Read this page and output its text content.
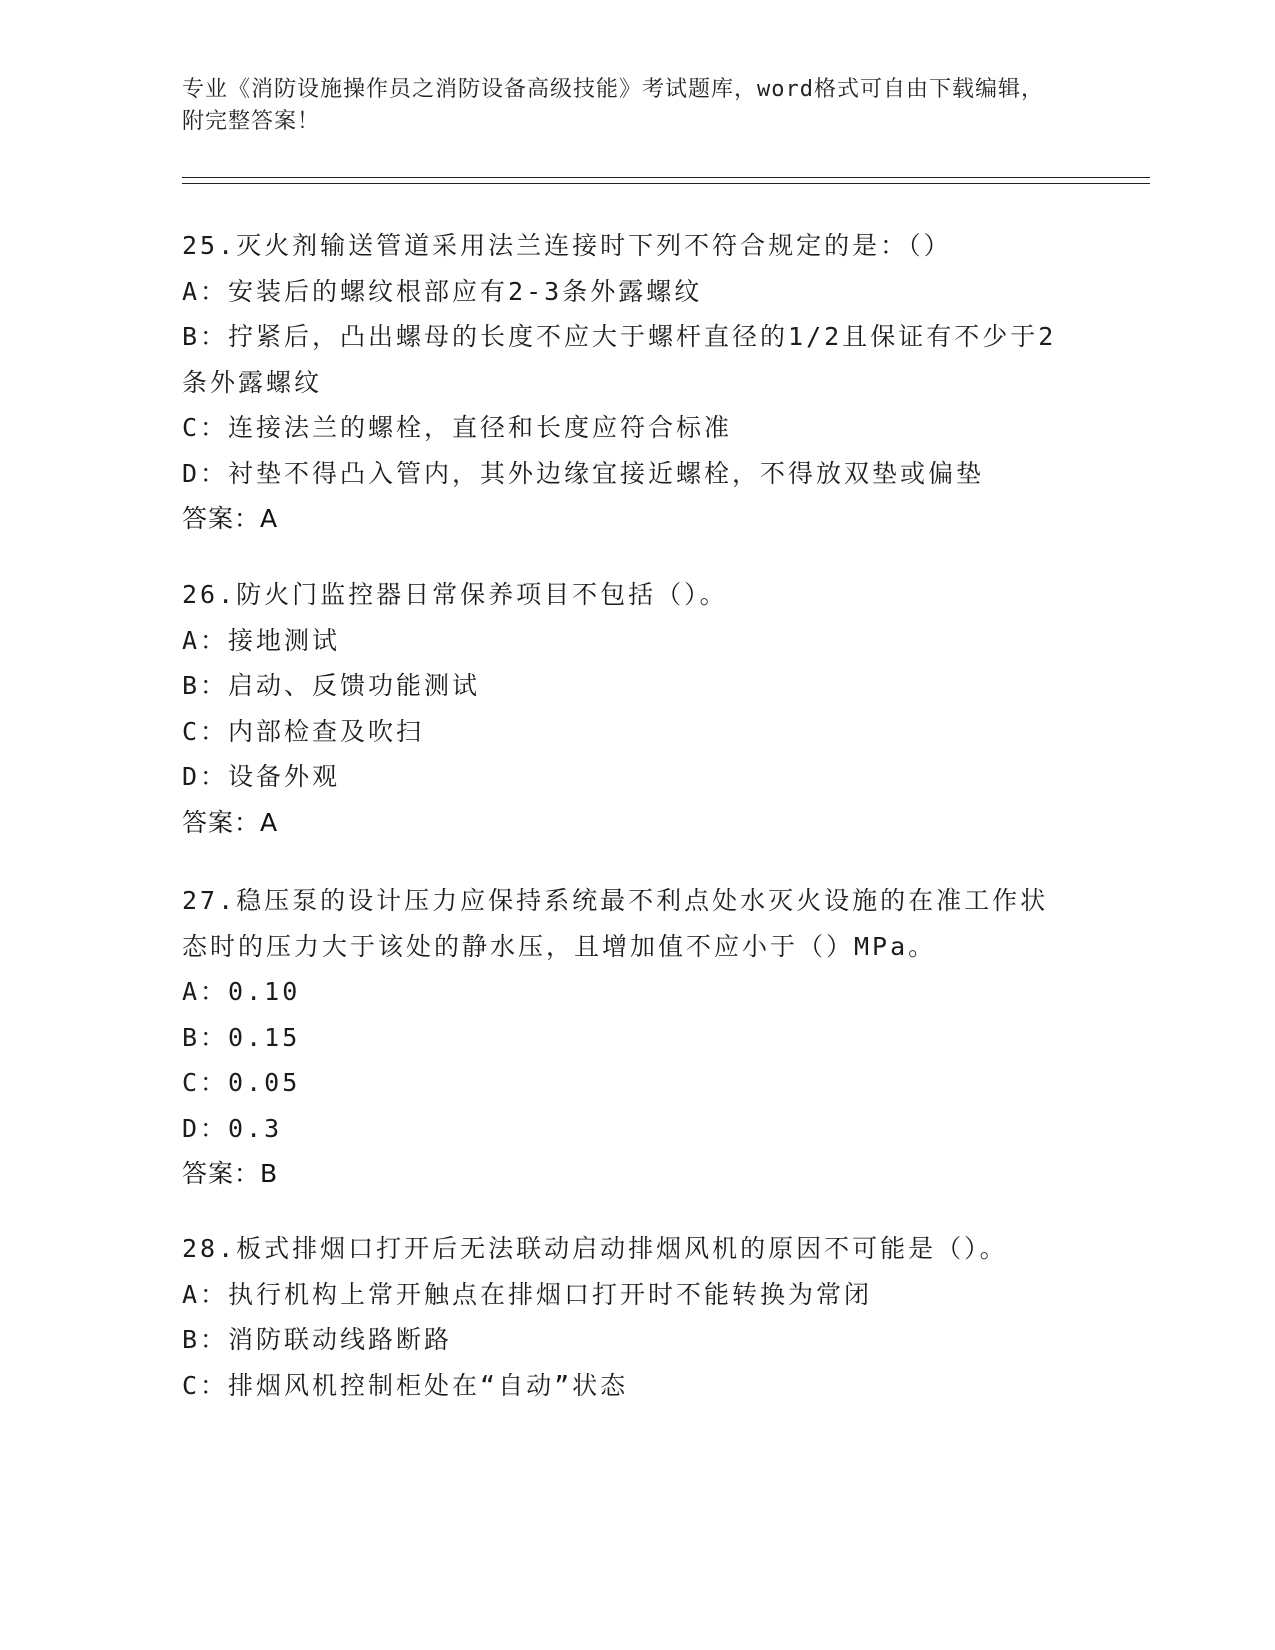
专业《消防设施操作员之消防设备高级技能》考试题库，word格式可自由下载编辑，附完整答案！
25.灭火剂输送管道采用法兰连接时下列不符合规定的是：（）
A：安装后的螺纹根部应有2-3条外露螺纹
B：拧紧后，凸出螺母的长度不应大于螺杆直径的1/2且保证有不少于2条外露螺纹
C：连接法兰的螺栓，直径和长度应符合标准
D：衬垫不得凸入管内，其外边缘宜接近螺栓，不得放双垫或偏垫
答案：A
26.防火门监控器日常保养项目不包括（）。
A：接地测试
B：启动、反馈功能测试
C：内部检查及吹扫
D：设备外观
答案：A
27.稳压泵的设计压力应保持系统最不利点处水灭火设施的在准工作状态时的压力大于该处的静水压，且增加值不应小于（）MPa。
A：0.10
B：0.15
C：0.05
D：0.3
答案：B
28.板式排烟口打开后无法联动启动排烟风机的原因不可能是（）。
A：执行机构上常开触点在排烟口打开时不能转换为常闭
B：消防联动线路断路
C：排烟风机控制柜处在“自动”状态
